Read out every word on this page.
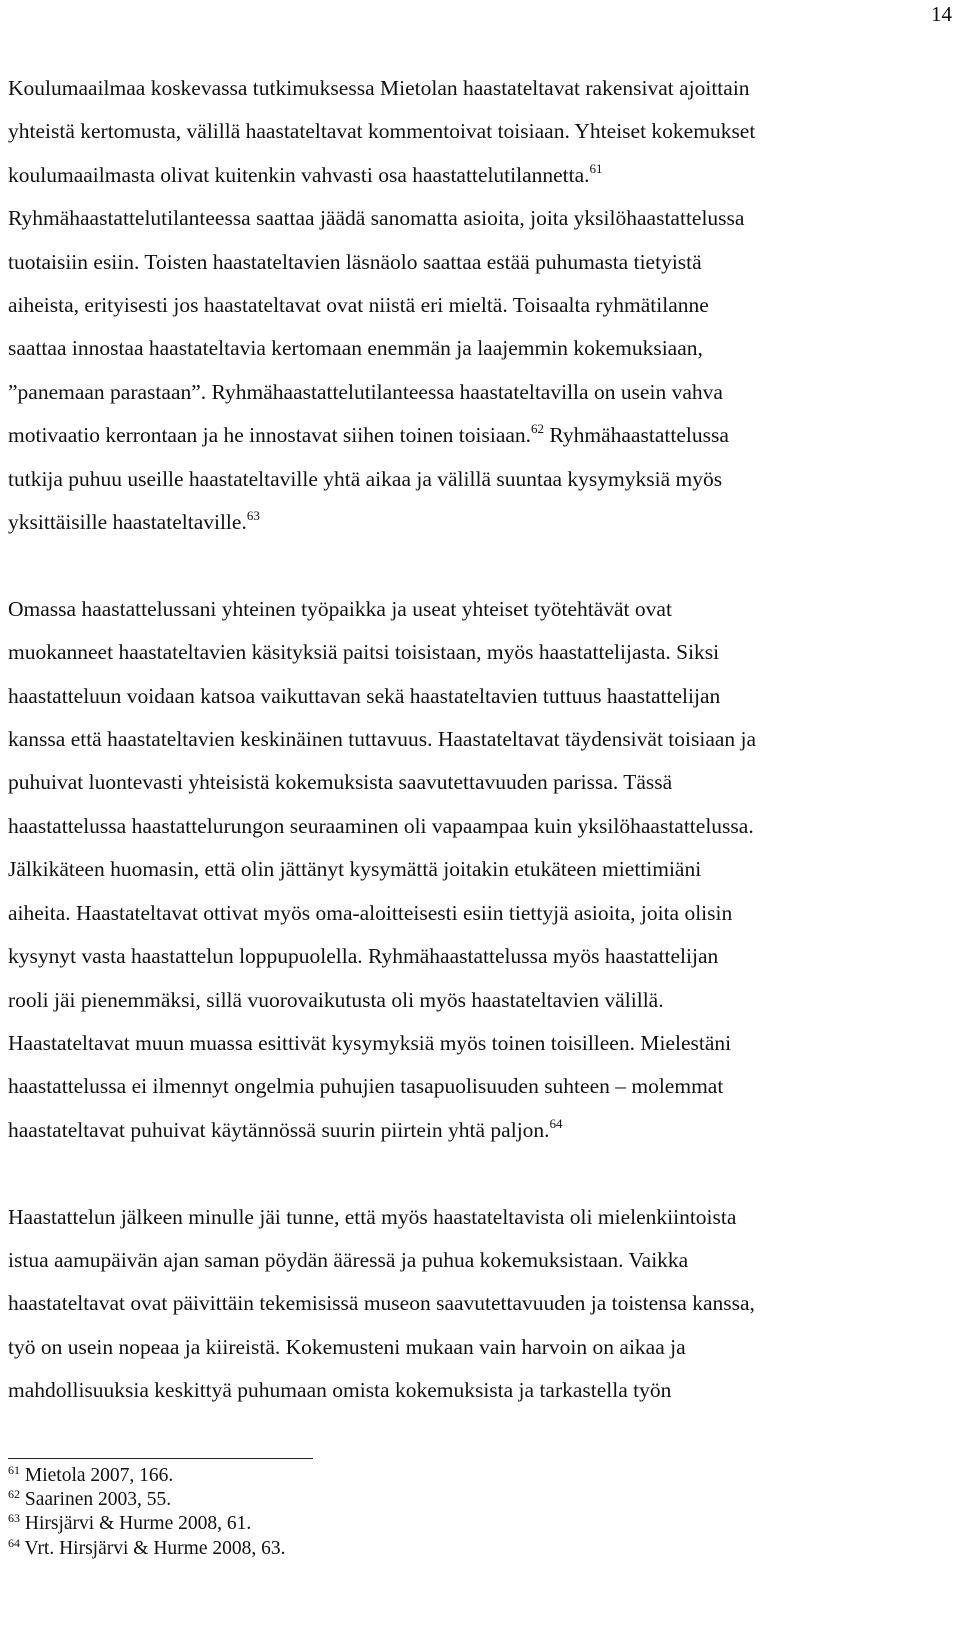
14

Koulumaailmaa koskevassa tutkimuksessa Mietolan haastateltavat rakensivat ajoittain
yhteistä kertomusta, välillä haastateltavat kommentoivat toisiaan. Yhteiset kokemukset
koulumaailmasta olivat kuitenkin vahvasti osa haastattelutilannetta.$^{61}$
Ryhmähaastattelutilanteessa saattaa jäädä sanomatta asioita, joita yksilöhaastattelussa
tuotaisiin esiin. Toisten haastateltavien läsnäolo saattaa estää puhumasta tietyistä
aiheista, erityisesti jos haastateltavat ovat niistä eri mieltä. Toisaalta ryhmätilanne
saattaa innostaa haastateltavia kertomaan enemmän ja laajemmin kokemuksiaan,
”panemaan parastaan”. Ryhmähaastattelutilanteessa haastateltavilla on usein vahva
motivaatio kerrontaan ja he innostavat siihen toinen toisiaan.$^{62}$ Ryhmähaastattelussa
tutkija puhuu useille haastateltaville yhtä aikaa ja välillä suuntaa kysymyksiä myös
yksittäisille haastateltaville.$^{63}$

Omassa haastattelussani yhteinen työpaikka ja useat yhteiset työtehtävät ovat
muokanneet haastateltavien käsityksiä paitsi toisistaan, myös haastattelijasta. Siksi
haastatteluun voidaan katsoa vaikuttavan sekä haastateltavien tuttuus haastattelijan
kanssa että haastateltavien keskinäinen tuttavuus. Haastateltavat täydensivät toisiaan ja
puhuivat luontevasti yhteisistä kokemuksista saavutettavuuden parissa. Tässä
haastattelussa haastattelurungon seuraaminen oli vapaampaa kuin yksilöhaastattelussa.
Jälkikäteen huomasin, että olin jättänyt kysymättä joitakin etukäteen miettimiäni
aiheita. Haastateltavat ottivat myös oma-aloitteisesti esiin tiettyjä asioita, joita olisin
kysynyt vasta haastattelun loppupuolella. Ryhmähaastattelussa myös haastattelijan
rooli jäi pienemmäksi, sillä vuorovaikutusta oli myös haastateltavien välillä.
Haastateltavat muun muassa esittivät kysymyksiä myös toinen toisilleen. Mielestäni
haastattelussa ei ilmennyt ongelmia puhujien tasapuolisuuden suhteen – molemmat
haastateltavat puhuivat käytännössä suurin piirtein yhtä paljon.$^{64}$

Haastattelun jälkeen minulle jäi tunne, että myös haastateltavista oli mielenkiintoista
istua aamupäivän ajan saman pöydän ääressä ja puhua kokemuksistaan. Vaikka
haastateltavat ovat päivittäin tekemisissä museon saavutettavuuden ja toistensa kanssa,
työ on usein nopeaa ja kiireistä. Kokemusteni mukaan vain harvoin on aikaa ja
mahdollisuuksia keskittyä puhumaan omista kokemuksista ja tarkastella työn

$^{61}$ Mietola 2007, 166.
$^{62}$ Saarinen 2003, 55.
$^{63}$ Hirsjärvi & Hurme 2008, 61.
$^{64}$ Vrt. Hirsjärvi & Hurme 2008, 63.
